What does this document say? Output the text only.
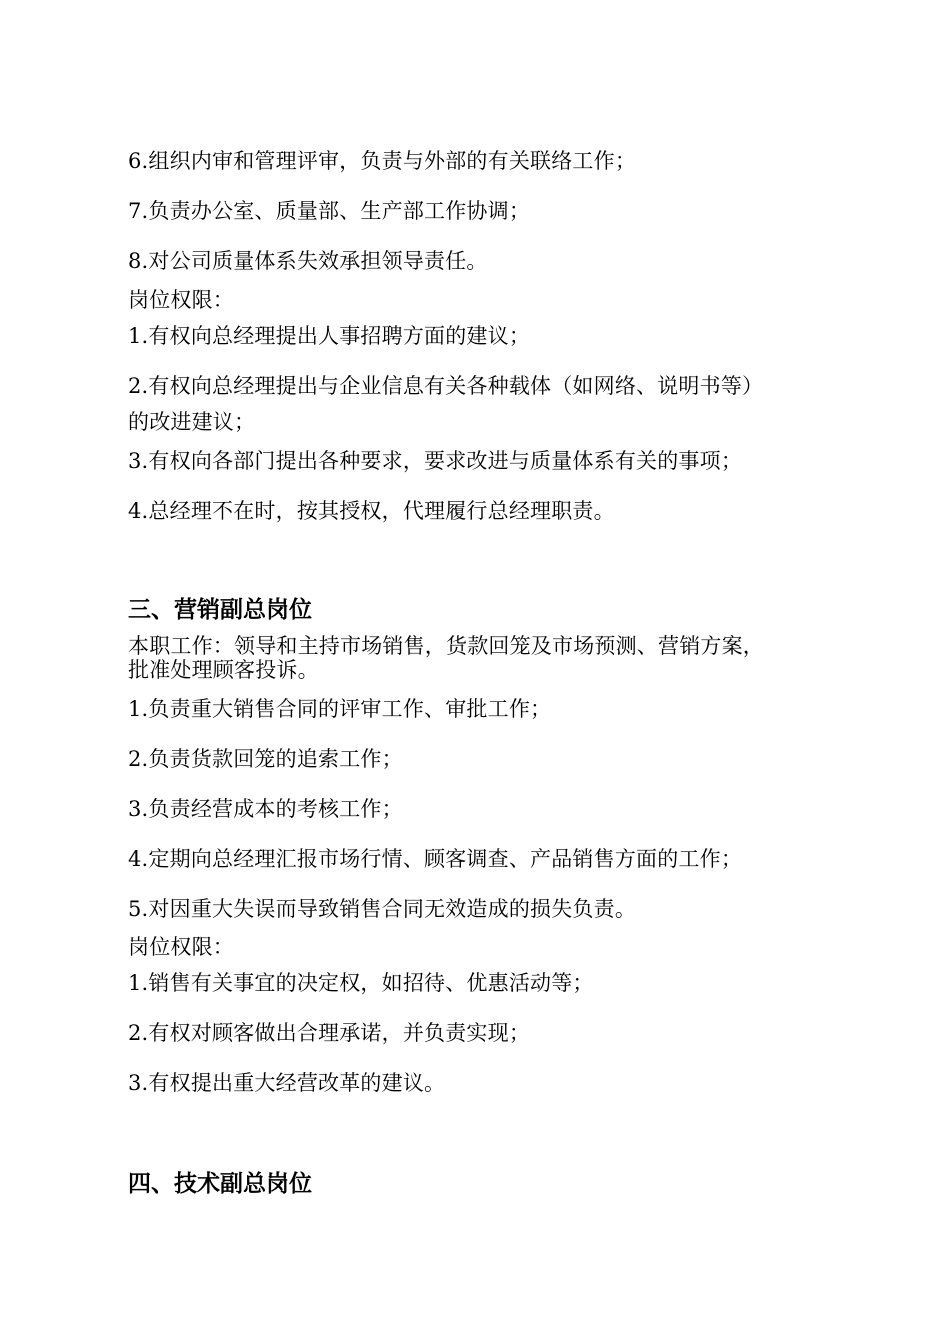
6.组织内审和管理评审，负责与外部的有关联络工作；
7.负责办公室、质量部、生产部工作协调；
8.对公司质量体系失效承担领导责任。
岗位权限：
1.有权向总经理提出人事招聘方面的建议；
2.有权向总经理提出与企业信息有关各种载体（如网络、说明书等）
的改进建议；
3.有权向各部门提出各种要求，要求改进与质量体系有关的事项；
4.总经理不在时，按其授权，代理履行总经理职责。
三、营销副总岗位
本职工作：领导和主持市场销售，货款回笼及市场预测、营销方案，
批准处理顾客投诉。
1.负责重大销售合同的评审工作、审批工作；
2.负责货款回笼的追索工作；
3.负责经营成本的考核工作；
4.定期向总经理汇报市场行情、顾客调查、产品销售方面的工作；
5.对因重大失误而导致销售合同无效造成的损失负责。
岗位权限：
1.销售有关事宜的决定权，如招待、优惠活动等；
2.有权对顾客做出合理承诺，并负责实现；
3.有权提出重大经营改革的建议。
四、技术副总岗位
